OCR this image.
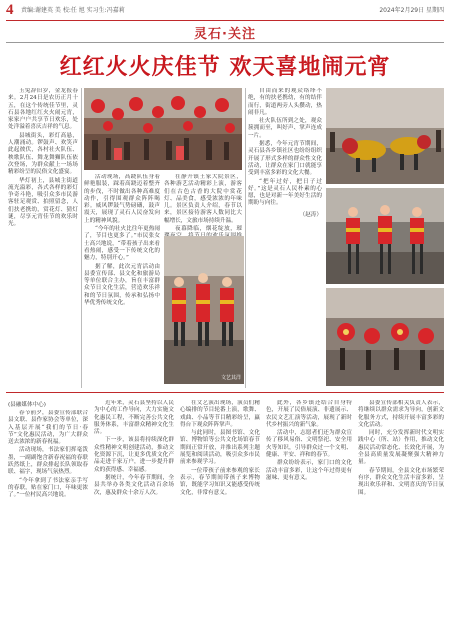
4 责编:谢建英 美 校:任 旭 实习生:冯嘉莉	2024年2月29日 星期四
灵石·关注
红红火火庆佳节 欢天喜地闹元宵

玉兔辞旧岁，金龙报春来。2月24日是农历正月十五，在这个传统佳节里，灵石县各地红红火火闹元宵，家家户户共享节日欢乐，处处洋溢着喜庆吉祥的气息。

县城街头，彩灯高悬，人潮涌动。锣鼓声、欢笑声此起彼伏，各村社火队伍、秧歌队伍、舞龙舞狮队伍依次登场，为群众献上一场场精彩纷呈的民俗文化盛宴。

华灯初上，县城主街道流光溢彩，各式各样的彩灯争奇斗艳，吸引众多市民游客驻足观赏、拍照留念，人们扶老携幼，赏花灯、猜灯谜，尽享元宵佳节的欢乐时光。

活动现场，高跷队伍身着鲜艳服装，踩着高跷迈着整齐的步伐，不时做出各种高难度动作，引得围观群众阵阵喝彩。威风锣鼓气势磅礴，鼓声震天，展现了灵石人民奋发向上的精神风貌。

“今年的社火比往年更热闹了，节目也更多了。”市民张女士高兴地说，“带着孩子出来看看热闹，感受一下传统文化的魅力，特别开心。”

据了解，此次元宵活动由县委宣传部、县文化和旅游局等单位联合主办，旨在丰富群众节日文化生活，营造欢乐祥和的节日氛围，传承和弘扬中华优秀传统文化。

在静升镇王家大院景区，各种游艺活动精彩上演，游客们在古色古香的大院中赏花灯、品美食，感受浓浓的年味儿。景区负责人介绍，春节以来，景区接待游客人数同比大幅增长，文旅市场持续升温。

夜幕降临，烟花绽放，璀

自由而来的观众络绎不绝，有的扶老携幼，有的结伴而行，街道两旁人头攒动，热闹非凡。

社火队伍所到之处，观众簇拥而至，叫好声、掌声连成一片。

据悉，今年元宵节期间，灵石县各乡镇社区也纷纷组织开展了形式多样的群众性文化活动，让群众在家门口就能享受到丰富多彩的文化大餐。

“把年过好，把日子过好。”这是灵石人民朴素的心愿，也是对新一年美好生活的期盼与向往。

（赵涛）
文艺其洋
(县融媒体中心)

春节前夕，县委宣传部联合县文联、县作家协会等单位，深入基层开展“我们的节日·春节”文化惠民活动，为广大群众送去浓浓的新春祝福。

活动现场，书法家们挥毫泼墨，一副副饱含新春祝福的春联跃然纸上，群众排起长队领取春联、福字，现场气氛热烈。

“今年拿到了书法家亲手写的春联，贴在家门口，年味更浓了。”一位村民高兴地说。

近年来，灵石县坚持以人民为中心的工作导向，大力实施文化惠民工程，不断完善公共文化服务体系，丰富群众精神文化生活。

下一步，该县将持续深化群众性精神文明创建活动，推动文化资源下沉，让更多优质文化产品走进千家万户，进一步提升群众的获得感、幸福感。

据统计，今年春节期间，全县共举办各类文化活动百余场次，惠及群众十余万人次。

在文艺演出现场，演员们精心编排的节目轮番上演，歌舞、戏曲、小品等节目精彩纷呈，赢得台下观众阵阵掌声。

与此同时，县图书馆、文化馆、博物馆等公共文化场馆春节期间正常开放，并推出系列主题展览和阅读活动，吸引众多市民前来参观学习。

一位带孩子前来参观的家长表示，春节期间带孩子来博物馆，既能学习知识又能感受传统文化，非常有意义。

此外，各乡镇还结合自身特色，开展了民俗展演、非遗展示、农民文艺汇演等活动，展现了新时代乡村振兴的新气象。

活动中，志愿者们还为群众宣传了移风易俗、文明祭祀、安全用火等知识，引导群众过一个文明、健康、平安、祥和的春节。

群众纷纷表示，家门口的文化活动丰富多彩，让这个年过得更有滋味、更有意义。

县委宣传部相关负责人表示，将继续以群众需求为导向，创新文化服务方式，持续开展丰富多彩的文化活动。

同时，充分发挥新时代文明实践中心（所、站）作用，推动文化惠民活动常态化、长效化开展，为全县高质量发展凝聚强大精神力量。

春节期间，全县文化市场繁荣有序，群众文化生活丰富多彩，呈现出欢乐祥和、文明喜庆的节日氛围。
